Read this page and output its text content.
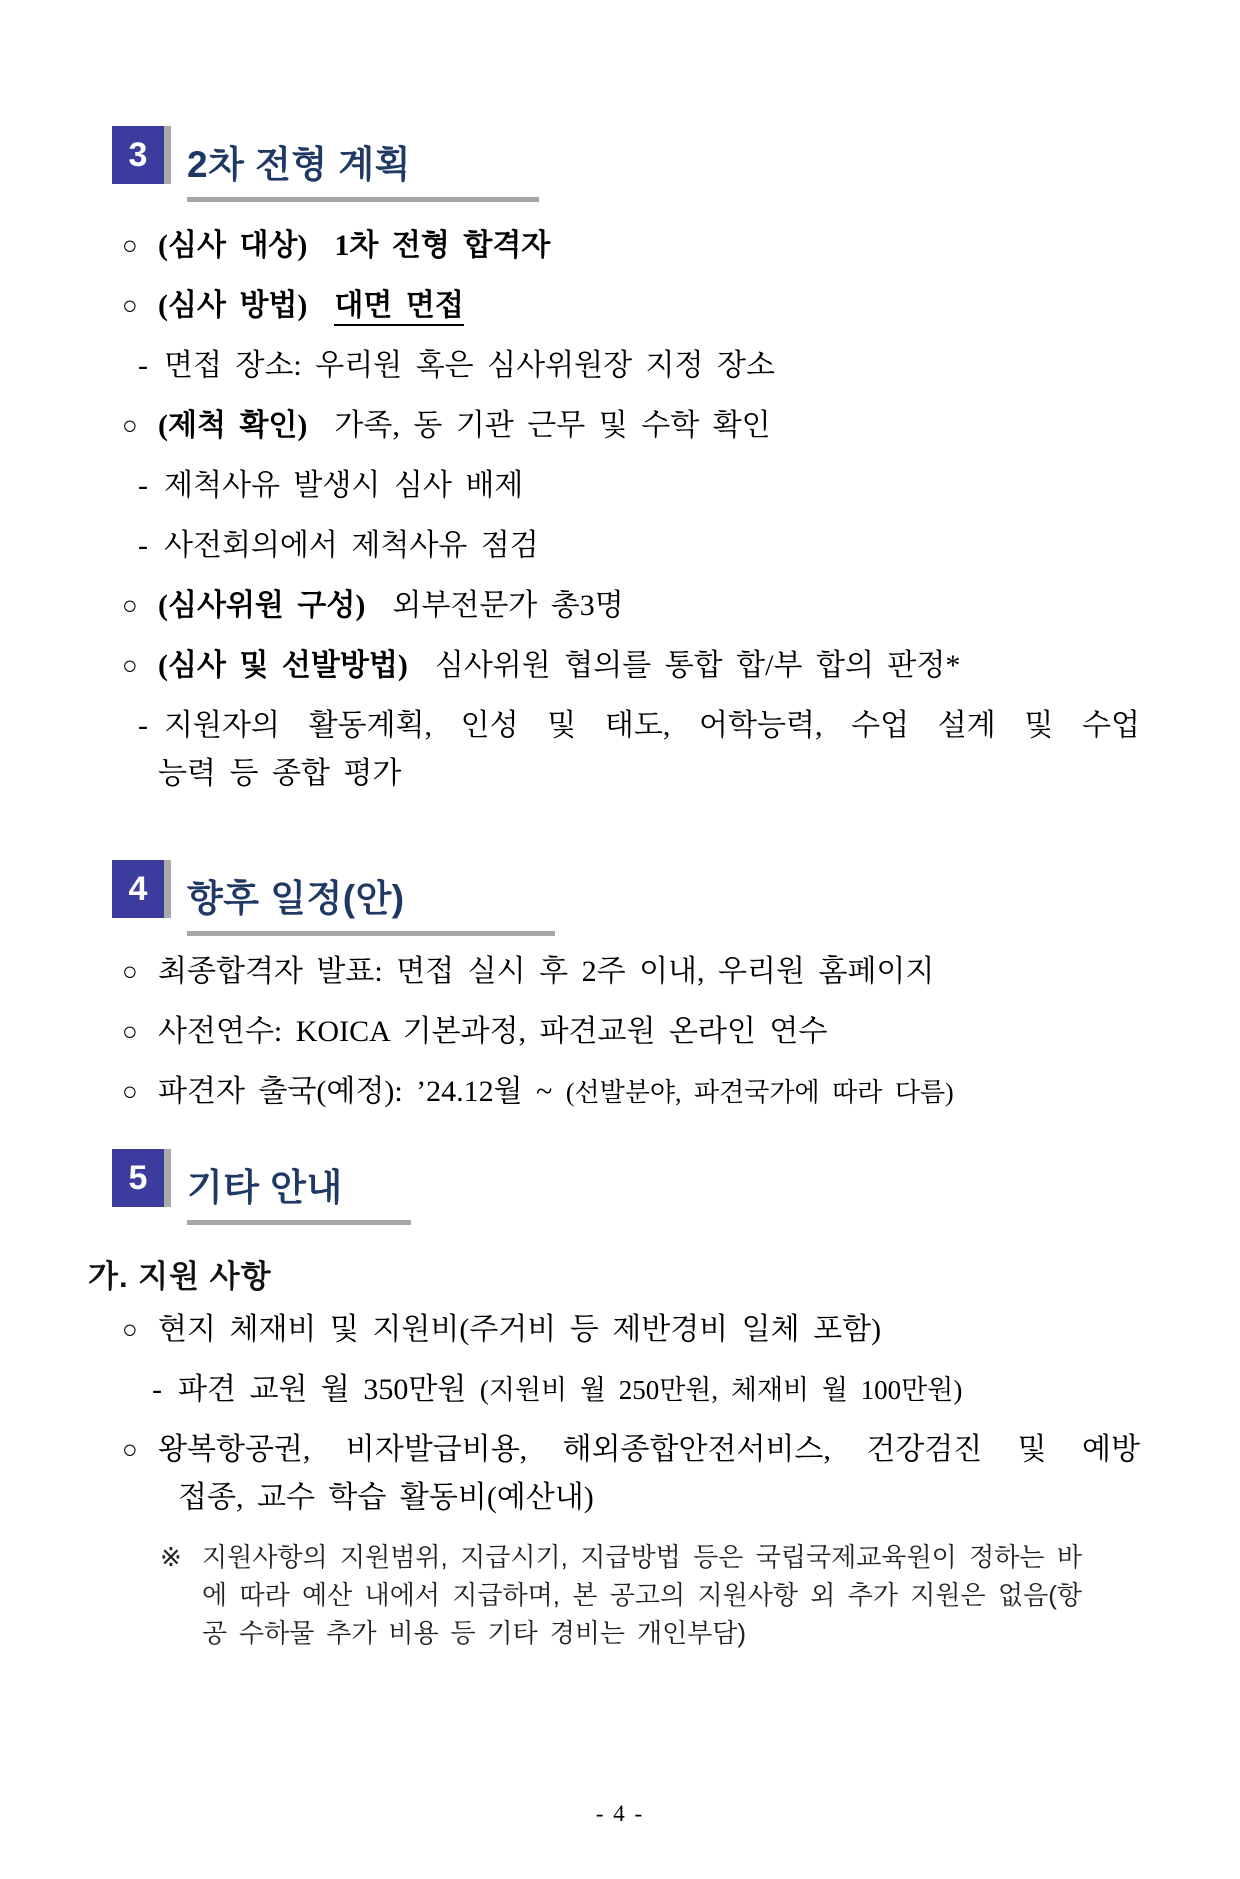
3	2차 전형 계획
○ (심사 대상) 1차 전형 합격자
○ (심사 방법) 대면 면접
- 면접 장소: 우리원 혹은 심사위원장 지정 장소
○ (제척 확인) 가족, 동 기관 근무 및 수학 확인
- 제척사유 발생시 심사 배제
- 사전회의에서 제척사유 점검
○ (심사위원 구성) 외부전문가 총3명
○ (심사 및 선발방법) 심사위원 협의를 통합 합/부 합의 판정*
- 지원자의 활동계획, 인성 및 태도, 어학능력, 수업 설계 및 수업
능력 등 종합 평가
4	향후 일정(안)
○ 최종합격자 발표: 면접 실시 후 2주 이내, 우리원 홈페이지
○ 사전연수: KOICA 기본과정, 파견교원 온라인 연수
○ 파견자 출국(예정): ’24.12월 ~ (선발분야, 파견국가에 따라 다름)
5	기타 안내
가. 지원 사항
○ 현지 체재비 및 지원비(주거비 등 제반경비 일체 포함)
- 파견 교원 월 350만원 (지원비 월 250만원, 체재비 월 100만원)
○ 왕복항공권, 비자발급비용, 해외종합안전서비스, 건강검진 및 예방
접종, 교수 학습 활동비(예산내)
※ 지원사항의 지원범위, 지급시기, 지급방법 등은 국립국제교육원이 정하는 바에 따라 예산 내에서 지급하며, 본 공고의 지원사항 외 추가 지원은 없음(항공 수하물 추가 비용 등 기타 경비는 개인부담)
- 4 -
